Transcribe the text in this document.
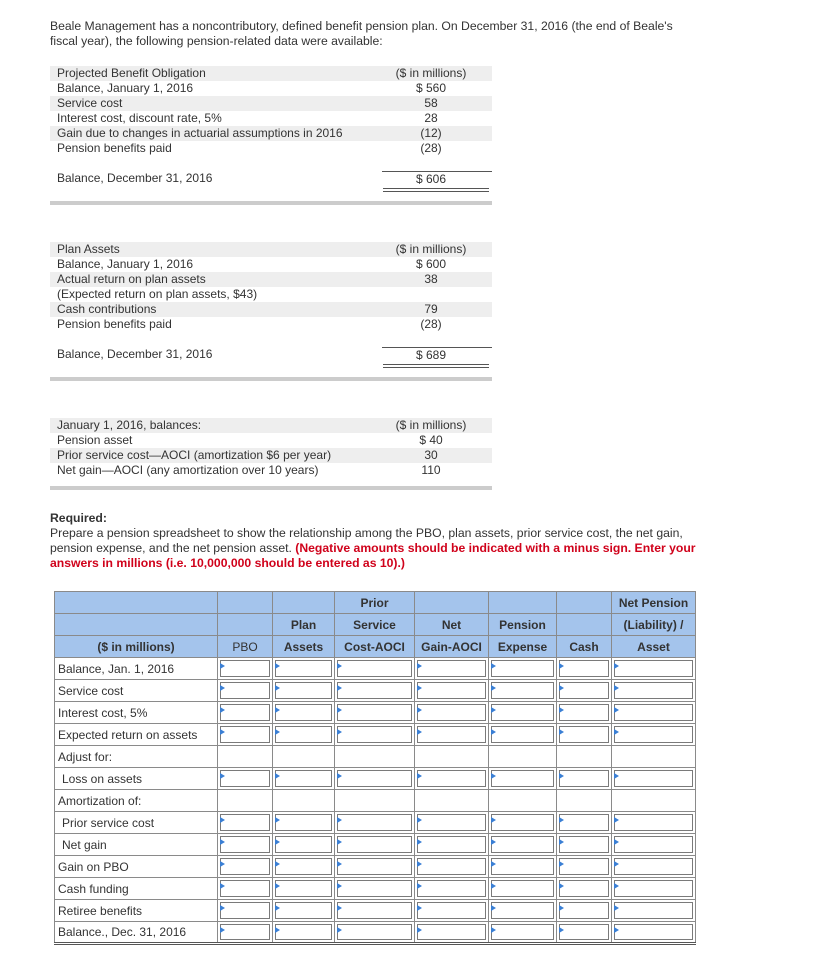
Beale Management has a noncontributory, defined benefit pension plan. On December 31, 2016 (the end of Beale's fiscal year), the following pension-related data were available:
Projected Benefit Obligation	($ in millions)
Balance, January 1, 2016	$ 560
Service cost	58
Interest cost, discount rate, 5%	28
Gain due to changes in actuarial assumptions in 2016	(12)
Pension benefits paid	(28)
Balance, December 31, 2016	$ 606
Plan Assets	($ in millions)
Balance, January 1, 2016	$ 600
Actual return on plan assets	38
(Expected return on plan assets, $43)
Cash contributions	79
Pension benefits paid	(28)
Balance, December 31, 2016	$ 689
January 1, 2016, balances:	($ in millions)
Pension asset	$ 40
Prior service cost—AOCI (amortization $6 per year)	30
Net gain—AOCI (any amortization over 10 years)	110
Required:
Prepare a pension spreadsheet to show the relationship among the PBO, plan assets, prior service cost, the net gain, pension expense, and the net pension asset. (Negative amounts should be indicated with a minus sign. Enter your answers in millions (i.e. 10,000,000 should be entered as 10).)
			Prior				Net Pension
		Plan	Service	Net	Pension		(Liability) /
($ in millions)	PBO	Assets	Cost-AOCI	Gain-AOCI	Expense	Cash	Asset
Balance, Jan. 1, 2016	

Service cost	

Interest cost, 5%	

Expected return on assets	

Adjust for:							
Loss on assets	

Amortization of:							
Prior service cost	

Net gain	

Gain on PBO	

Cash funding	

Retiree benefits	

Balance., Dec. 31, 2016	
